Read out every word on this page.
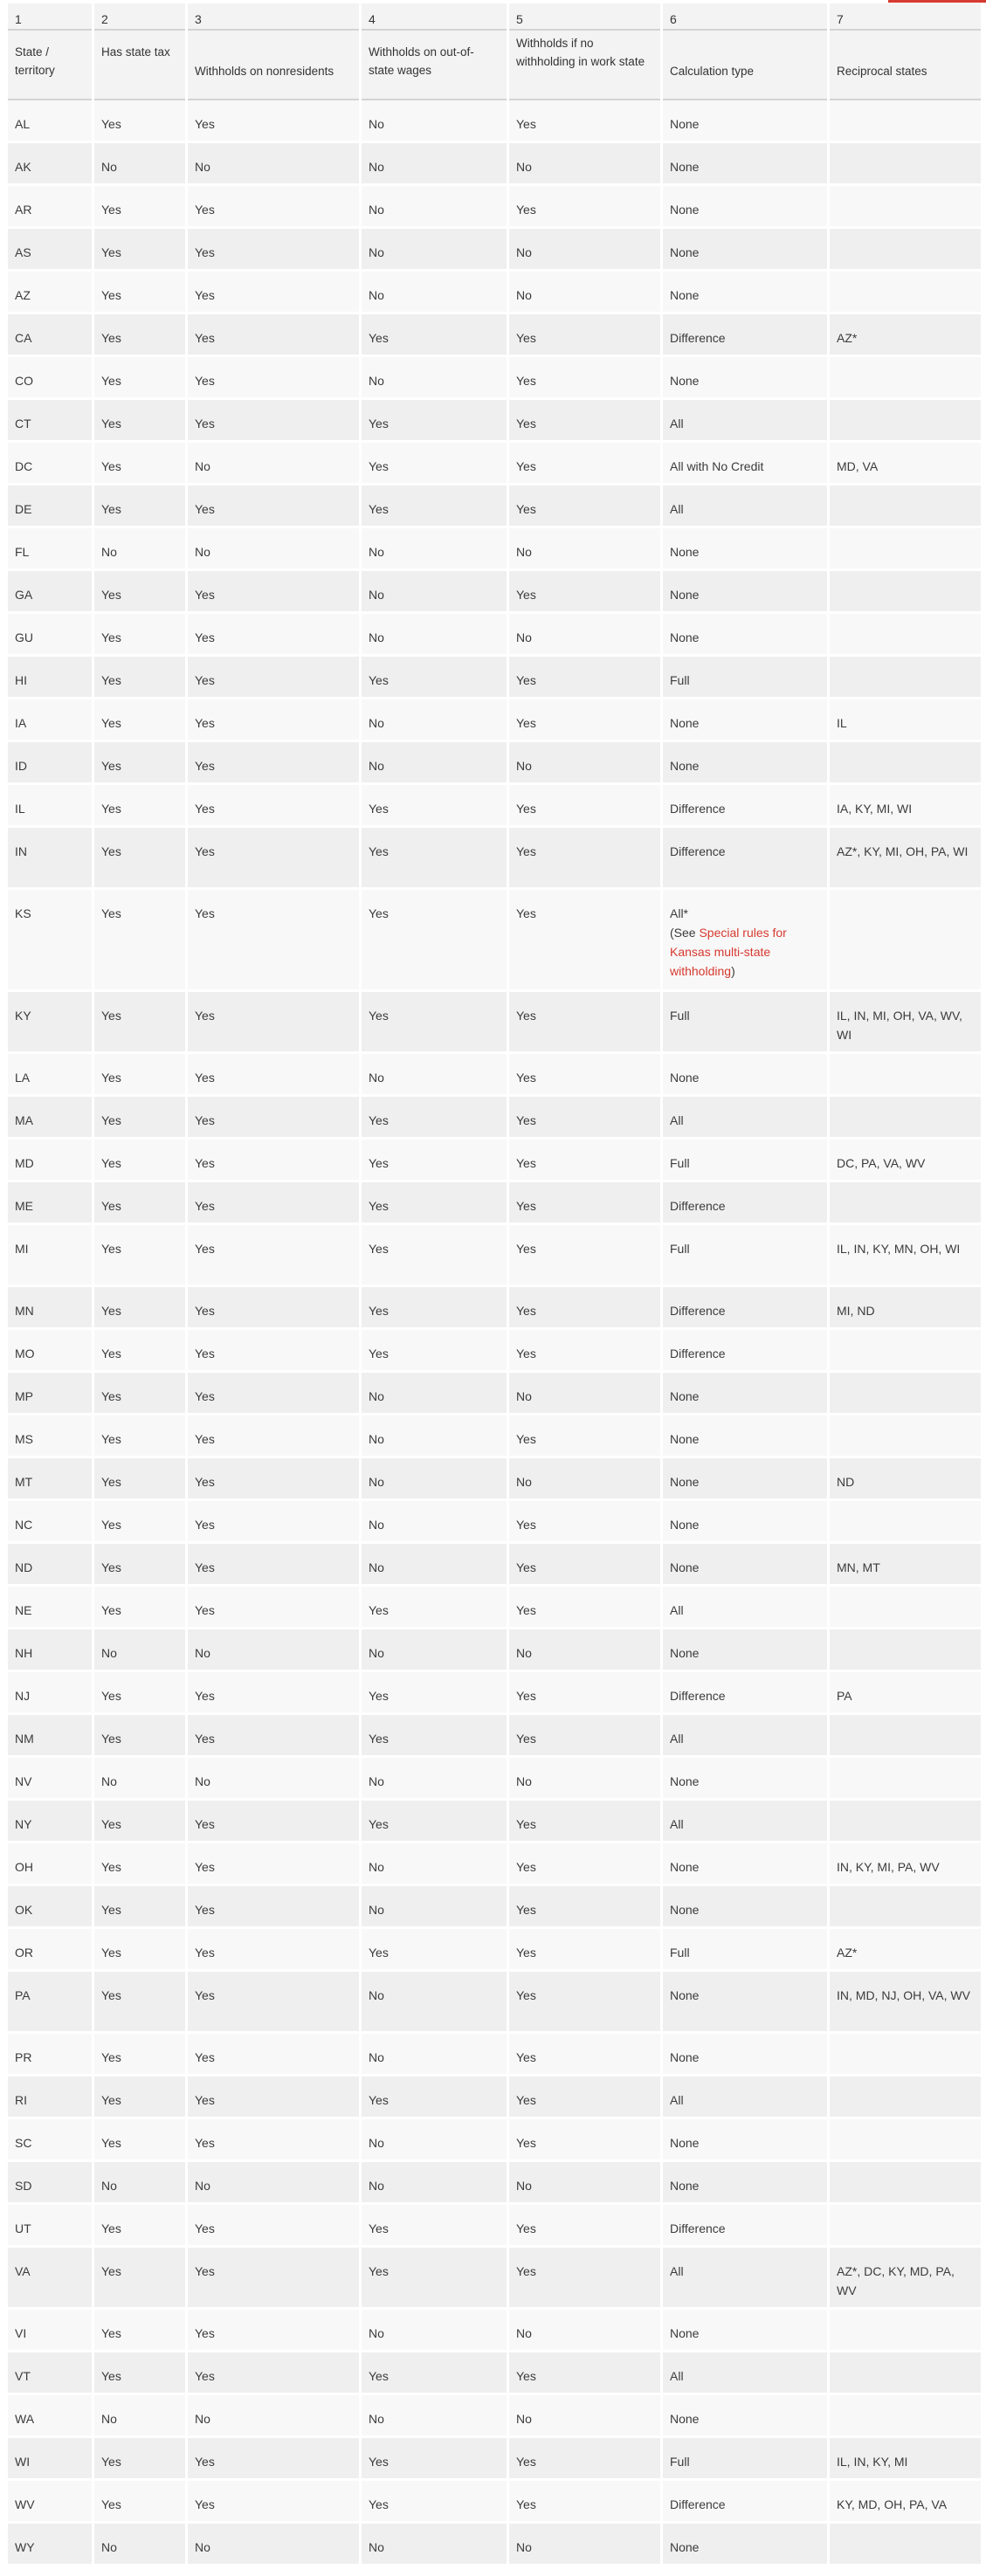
1	2	3	4	5	6	7
State / territory	Has state tax	Withholds on nonresidents	Withholds on out-of-state wages	Withholds if no withholding in work state	Calculation type	Reciprocal states
AL	Yes	Yes	No	Yes	None	
AK	No	No	No	No	None	
AR	Yes	Yes	No	Yes	None	
AS	Yes	Yes	No	No	None	
AZ	Yes	Yes	No	No	None	
CA	Yes	Yes	Yes	Yes	Difference	AZ*
CO	Yes	Yes	No	Yes	None	
CT	Yes	Yes	Yes	Yes	All	
DC	Yes	No	Yes	Yes	All with No Credit	MD, VA
DE	Yes	Yes	Yes	Yes	All	
FL	No	No	No	No	None	
GA	Yes	Yes	No	Yes	None	
GU	Yes	Yes	No	No	None	
HI	Yes	Yes	Yes	Yes	Full	
IA	Yes	Yes	No	Yes	None	IL
ID	Yes	Yes	No	No	None	
IL	Yes	Yes	Yes	Yes	Difference	IA, KY, MI, WI
IN	Yes	Yes	Yes	Yes	Difference	AZ*, KY, MI, OH, PA, WI
KS	Yes	Yes	Yes	Yes	All*
(See Special rules for Kansas multi-state withholding)	
KY	Yes	Yes	Yes	Yes	Full	IL, IN, MI, OH, VA, WV, WI
LA	Yes	Yes	No	Yes	None	
MA	Yes	Yes	Yes	Yes	All	
MD	Yes	Yes	Yes	Yes	Full	DC, PA, VA, WV
ME	Yes	Yes	Yes	Yes	Difference	
MI	Yes	Yes	Yes	Yes	Full	IL, IN, KY, MN, OH, WI
MN	Yes	Yes	Yes	Yes	Difference	MI, ND
MO	Yes	Yes	Yes	Yes	Difference	
MP	Yes	Yes	No	No	None	
MS	Yes	Yes	No	Yes	None	
MT	Yes	Yes	No	No	None	ND
NC	Yes	Yes	No	Yes	None	
ND	Yes	Yes	No	Yes	None	MN, MT
NE	Yes	Yes	Yes	Yes	All	
NH	No	No	No	No	None	
NJ	Yes	Yes	Yes	Yes	Difference	PA
NM	Yes	Yes	Yes	Yes	All	
NV	No	No	No	No	None	
NY	Yes	Yes	Yes	Yes	All	
OH	Yes	Yes	No	Yes	None	IN, KY, MI, PA, WV
OK	Yes	Yes	No	Yes	None	
OR	Yes	Yes	Yes	Yes	Full	AZ*
PA	Yes	Yes	No	Yes	None	IN, MD, NJ, OH, VA, WV
PR	Yes	Yes	No	Yes	None	
RI	Yes	Yes	Yes	Yes	All	
SC	Yes	Yes	No	Yes	None	
SD	No	No	No	No	None	
UT	Yes	Yes	Yes	Yes	Difference	
VA	Yes	Yes	Yes	Yes	All	AZ*, DC, KY, MD, PA, WV
VI	Yes	Yes	No	No	None	
VT	Yes	Yes	Yes	Yes	All	
WA	No	No	No	No	None	
WI	Yes	Yes	Yes	Yes	Full	IL, IN, KY, MI
WV	Yes	Yes	Yes	Yes	Difference	KY, MD, OH, PA, VA
WY	No	No	No	No	None	
